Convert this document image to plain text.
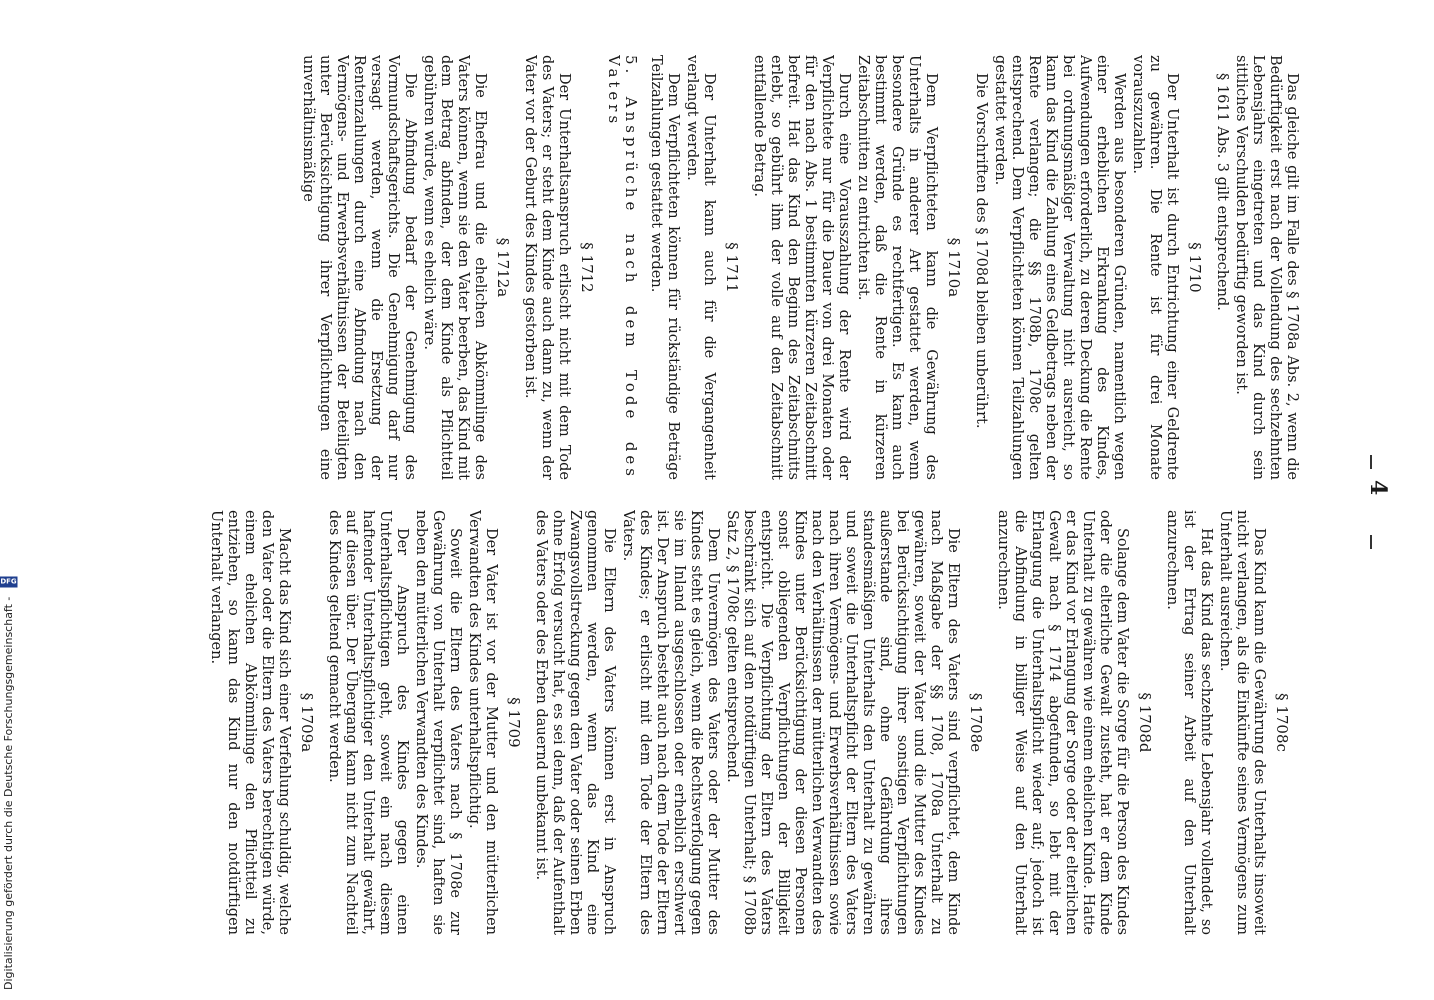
Das gleiche gilt im Falle des § 1708a Abs. 2, wenn die Bedürftigkeit erst nach der Vollendung des sechzehnten Lebensjahrs eingetreten und das Kind durch sein sittliches Verschulden bedürftig geworden ist.
§ 1611 Abs. 3 gilt entsprechend.
§ 1710
Der Unterhalt ist durch Entrichtung einer Geldrente zu gewähren. Die Rente ist für drei Monate vorauszuzahlen.
Werden aus besonderen Gründen, namentlich wegen einer erheblichen Erkrankung des Kindes, Aufwendungen erforderlich, zu deren Deckung die Rente bei ordnungsmäßiger Verwaltung nicht ausreicht, so kann das Kind die Zahlung eines Geldbetrags neben der Rente verlangen; die §§ 1708b, 1708c gelten entsprechend. Dem Verpflichteten können Teilzahlungen gestattet werden.
Die Vorschriften des § 1708d bleiben unberührt.
§ 1710a
Dem Verpflichteten kann die Gewährung des Unterhalts in anderer Art gestattet werden, wenn besondere Gründe es rechtfertigen. Es kann auch bestimmt werden, daß die Rente in kürzeren Zeitabschnitten zu entrichten ist.
Durch eine Vorausszahlung der Rente wird der Verpflichtete nur für die Dauer von drei Monaten oder für den nach Abs. 1 bestimmten kürzeren Zeitabschnitt befreit. Hat das Kind den Beginn des Zeitabschnitts erlebt, so gebührt ihm der volle auf den Zeitabschnitt entfallende Betrag.
§ 1711
Der Unterhalt kann auch für die Vergangenheit verlangt werden.
Dem Verpflichteten können für rückständige Beträge Teilzahlungen gestattet werden.
5. Ansprüche nach dem Tode des Vaters
§ 1712
Der Unterhaltsanspruch erlischt nicht mit dem Tode des Vaters; er steht dem Kinde auch dann zu, wenn der Vater vor der Geburt des Kindes gestorben ist.
§ 1712a
Die Ehefrau und die ehelichen Abkömmlinge des Vaters können, wenn sie den Vater beerben, das Kind mit dem Betrag abfinden, der dem Kinde als Pflichtteil gebühren würde, wenn es ehelich wäre.
Die Abfindung bedarf der Genehmigung des Vormundschaftsgerichts. Die Genehmigung darf nur versagt werden, wenn die Ersetzung der Rentenzahlungen durch eine Abfindung nach den Vermögens- und Erwerbsverhältnissen der Beteiligten unter Berücksichtigung ihrer Verpflichtungen eine unverhältnismäßige
§ 1708c
Das Kind kann die Gewährung des Unterhalts insoweit nicht verlangen, als die Einkünfte seines Vermögens zum Unterhalt ausreichen.
Hat das Kind das sechzehnte Lebensjahr vollendet, so ist der Ertrag seiner Arbeit auf den Unterhalt anzurechnen.
§ 1708d
Solange dem Vater die Sorge für die Person des Kindes oder die elterliche Gewalt zusteht, hat er dem Kinde Unterhalt zu gewähren wie einem ehelichen Kinde. Hatte er das Kind vor Erlangung der Sorge oder der elterlichen Gewalt nach § 1714 abgefunden, so lebt mit der Erlangung die Unterhaltspflicht wieder auf; jedoch ist die Abfindung in billiger Weise auf den Unterhalt anzurechnen.
§ 1708e
Die Eltern des Vaters sind verpflichtet, dem Kinde nach Maßgabe der §§ 1708, 1708a Unterhalt zu gewähren, soweit der Vater und die Mutter des Kindes bei Berücksichtigung ihrer sonstigen Verpflichtungen außerstande sind, ohne Gefährdung ihres standesmäßigen Unterhalts den Unterhalt zu gewähren und soweit die Unterhaltspflicht der Eltern des Vaters nach ihren Vermögens- und Erwerbsverhältnissen sowie nach den Verhältnissen der mütterlichen Verwandten des Kindes unter Berücksichtigung der diesen Personen sonst obliegenden Verpflichtungen der Billigkeit entspricht. Die Verpflichtung der Eltern des Vaters beschränkt sich auf den notdürftigen Unterhalt; § 1708b Satz 2, § 1708c gelten entsprechend.
Dem Unvermögen des Vaters oder der Mutter des Kindes steht es gleich, wenn die Rechtsverfolgung gegen sie im Inland ausgeschlossen oder erheblich erschwert ist. Der Anspruch besteht auch nach dem Tode der Eltern des Kindes; er erlischt mit dem Tode der Eltern des Vaters.
Die Eltern des Vaters können erst in Anspruch genommen werden, wenn das Kind eine Zwangsvollstreckung gegen den Vater oder seinen Erben ohne Erfolg versucht hat, es sei denn, daß der Aufenthalt des Vaters oder des Erben dauernd unbekannt ist.
§ 1709
Der Vater ist vor der Mutter und den mütterlichen Verwandten des Kindes unterhaltspflichtig.
Soweit die Eltern des Vaters nach § 1708e zur Gewährung von Unterhalt verpflichtet sind, haften sie neben den mütterlichen Verwandten des Kindes.
Der Anspruch des Kindes gegen einen Unterhaltspflichtigen geht, soweit ein nach diesem haftender Unterhaltspflichtiger den Unterhalt gewährt, auf diesen über. Der Übergang kann nicht zum Nachteil des Kindes geltend gemacht werden.
§ 1709a
Macht das Kind sich einer Verfehlung schuldig, welche den Vater oder die Eltern des Vaters berechtigen würde, einem ehelichen Abkömmlinge den Pflichtteil zu entziehen, so kann das Kind nur den notdürftigen Unterhalt verlangen.
4
Digitalisierung gefördert durch die Deutsche Forschungsgemeinschaft -
DFG
